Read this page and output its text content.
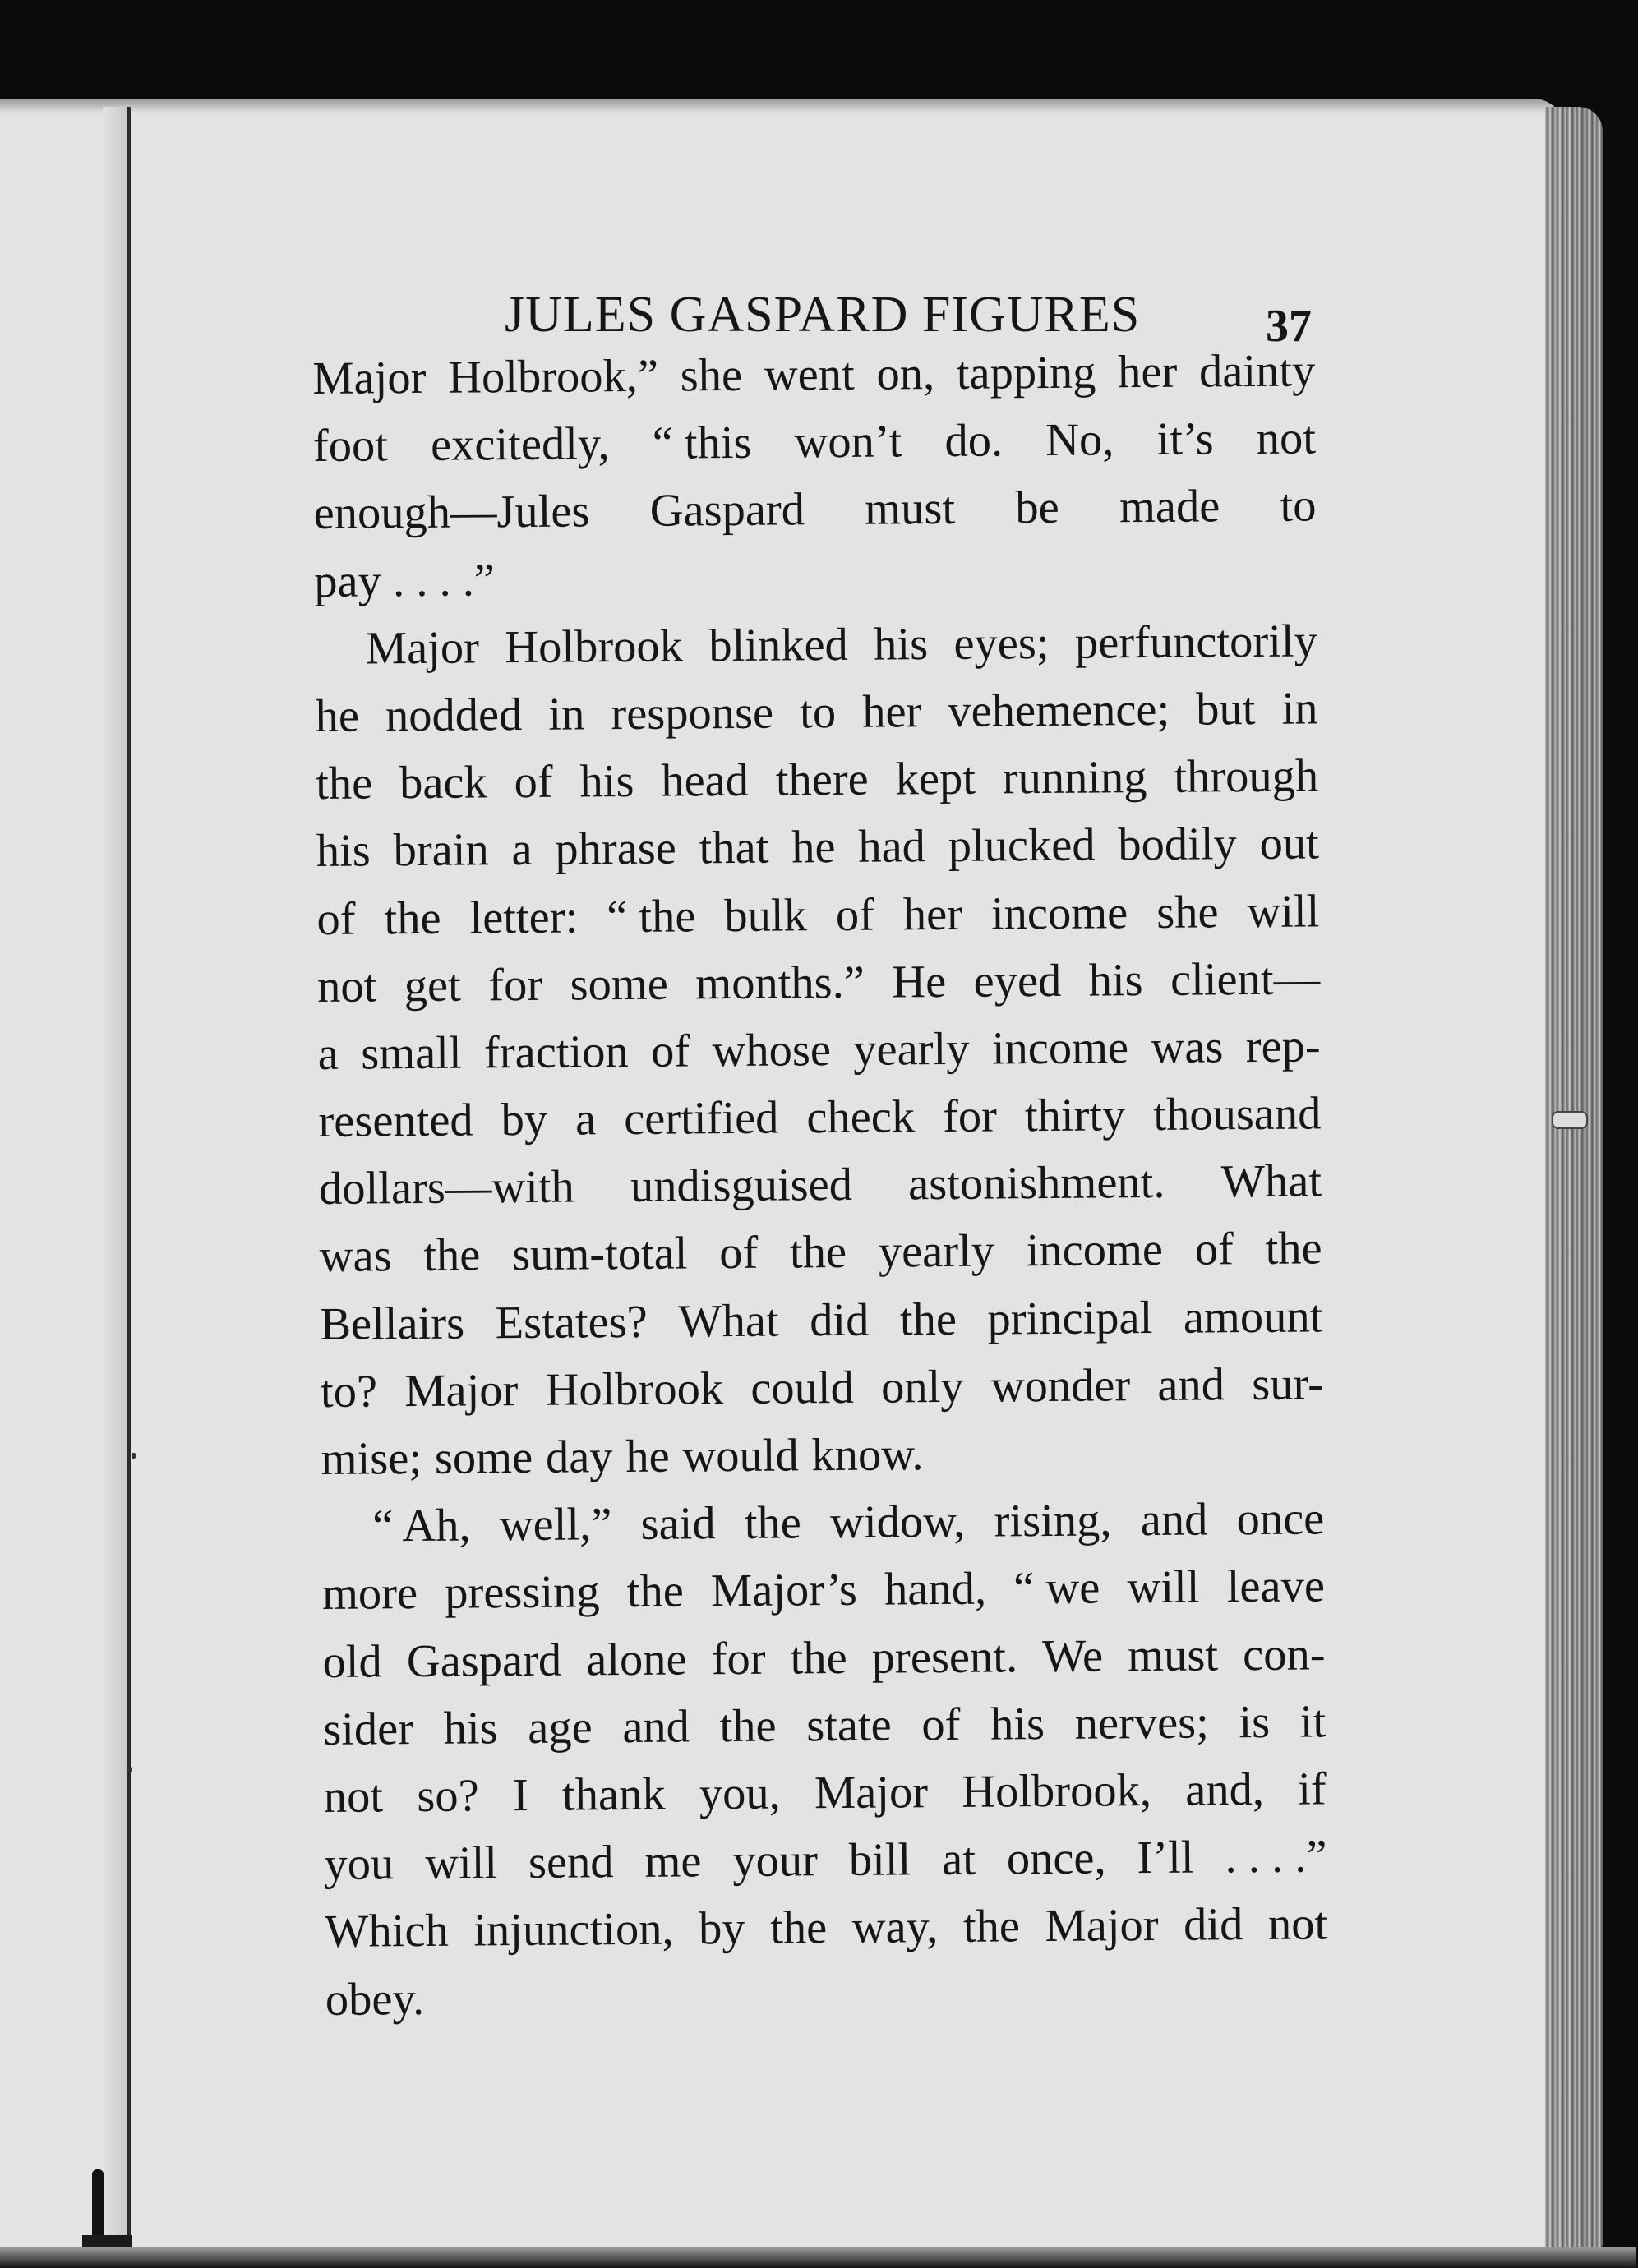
JULES GASPARD FIGURES	37
Major Holbrook,” she went on, tapping her dainty
foot excitedly, “ this won’t do. No, it’s not
enough—Jules Gaspard must be made to
pay . . . .”
Major Holbrook blinked his eyes; perfunctorily
he nodded in response to her vehemence; but in
the back of his head there kept running through
his brain a phrase that he had plucked bodily out
of the letter: “ the bulk of her income she will
not get for some months.” He eyed his client—
a small fraction of whose yearly income was rep-
resented by a certified check for thirty thousand
dollars—with undisguised astonishment. What
was the sum-total of the yearly income of the
Bellairs Estates? What did the principal amount
to? Major Holbrook could only wonder and sur-
mise; some day he would know.
“ Ah, well,” said the widow, rising, and once
more pressing the Major’s hand, “ we will leave
old Gaspard alone for the present. We must con-
sider his age and the state of his nerves; is it
not so? I thank you, Major Holbrook, and, if
you will send me your bill at once, I’ll . . . .”
Which injunction, by the way, the Major did not
obey.
